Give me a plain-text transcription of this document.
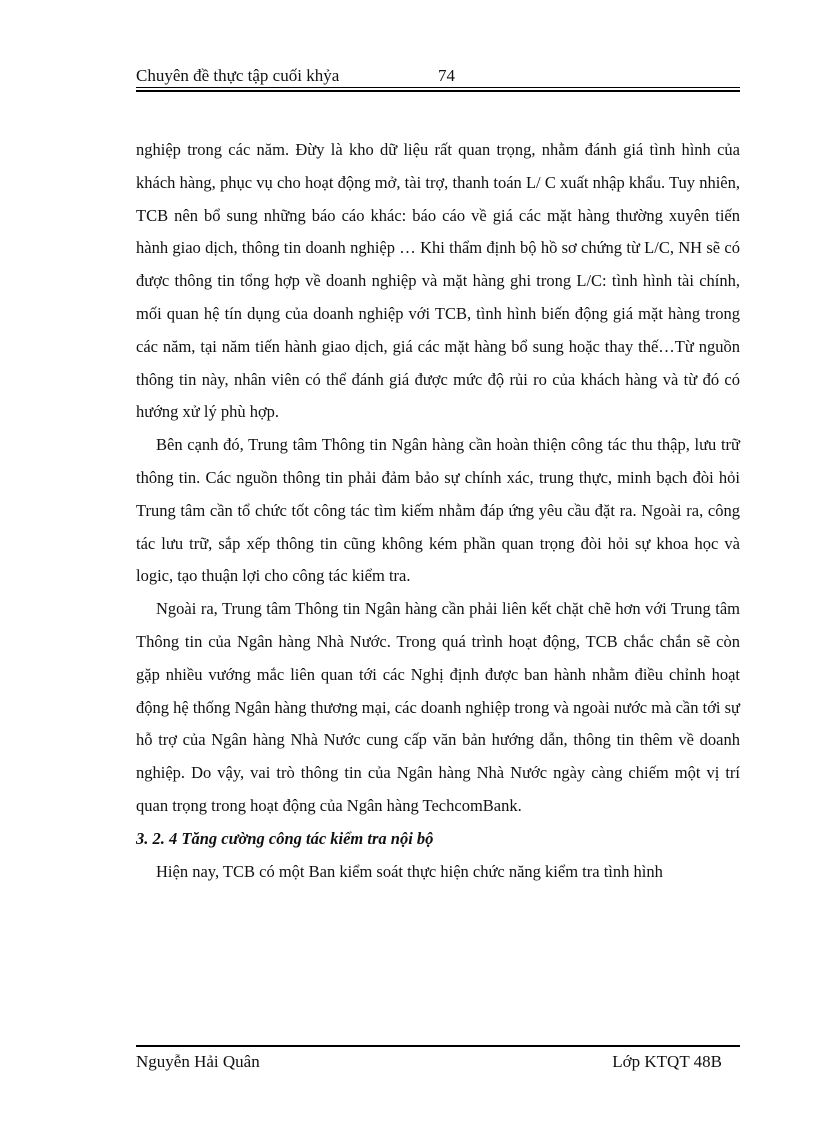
Chuyên đề thực tập cuối khỷa	74

nghiệp trong các năm. Đừy là kho dữ liệu rất quan trọng, nhằm đánh giá tình hình của khách hàng, phục vụ cho hoạt động mở, tài trợ, thanh toán L/ C xuất nhập khẩu. Tuy nhiên, TCB nên bổ sung những báo cáo khác: báo cáo về giá các mặt hàng thường xuyên tiến hành giao dịch, thông tin doanh nghiệp … Khi thẩm định bộ hồ sơ chứng từ L/C, NH sẽ có được thông tin tổng hợp về doanh nghiệp và mặt hàng ghi trong L/C: tình hình tài chính, mối quan hệ tín dụng của doanh nghiệp với TCB, tình hình biến động giá mặt hàng trong các năm, tại năm tiến hành giao dịch, giá các mặt hàng bổ sung hoặc thay thế…Từ nguồn thông tin này, nhân viên có thể đánh giá được mức độ rủi ro của khách hàng và từ đó có hướng xử lý phù hợp.

Bên cạnh đó, Trung tâm Thông tin Ngân hàng cần hoàn thiện công tác thu thập, lưu trữ thông tin. Các nguồn thông tin phải đảm bảo sự chính xác, trung thực, minh bạch đòi hỏi Trung tâm cần tổ chức tốt công tác tìm kiếm nhằm đáp ứng yêu cầu đặt ra. Ngoài ra, công tác lưu trữ, sắp xếp thông tin cũng không kém phần quan trọng đòi hỏi sự khoa học và logic, tạo thuận lợi cho công tác kiểm tra.

Ngoài ra, Trung tâm Thông tin Ngân hàng cần phải liên kết chặt chẽ hơn với Trung tâm Thông tin của Ngân hàng Nhà Nước. Trong quá trình hoạt động, TCB chắc chắn sẽ còn gặp nhiều vướng mắc liên quan tới các Nghị định được ban hành nhằm điều chỉnh hoạt động hệ thống Ngân hàng thương mại, các doanh nghiệp trong và ngoài nước mà cần tới sự hỗ trợ của Ngân hàng Nhà Nước cung cấp văn bản hướng dẫn, thông tin thêm về doanh nghiệp. Do vậy, vai trò thông tin của Ngân hàng Nhà Nước ngày càng chiếm một vị trí quan trọng trong hoạt động của Ngân hàng TechcomBank.

3. 2. 4 Tăng cường công tác kiểm tra nội bộ

Hiện nay, TCB có một Ban kiểm soát thực hiện chức năng kiểm tra tình hình

Nguyễn Hải Quân	Lớp KTQT 48B
